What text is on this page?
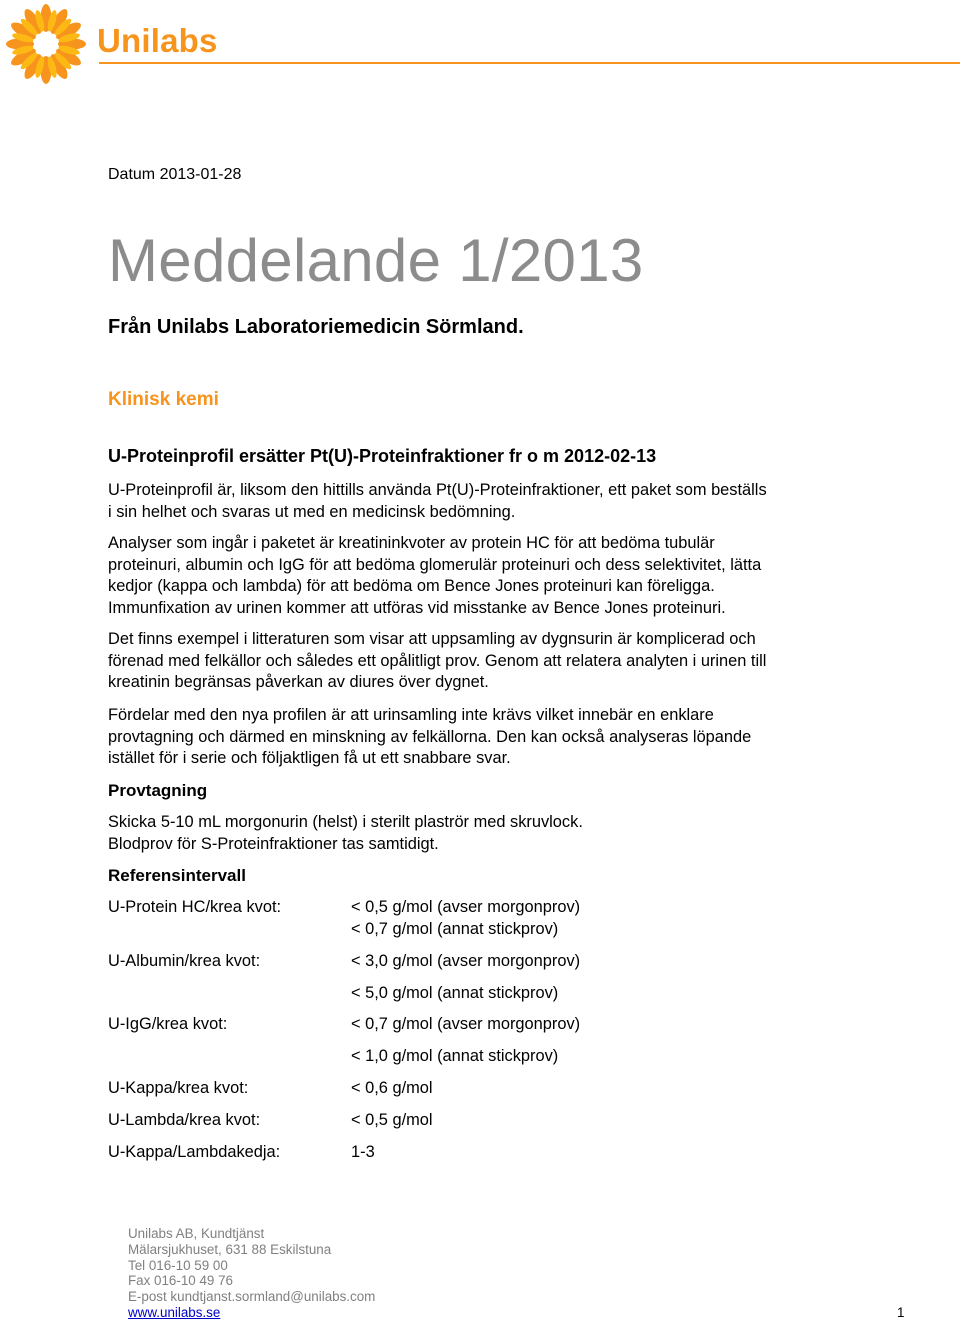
Unilabs
Datum 2013-01-28
Meddelande 1/2013
Från Unilabs Laboratoriemedicin Sörmland.
Klinisk kemi
U-Proteinprofil ersätter Pt(U)-Proteinfraktioner fr o m 2012-02-13

U-Proteinprofil är, liksom den hittills använda Pt(U)-Proteinfraktioner, ett paket som beställs

i sin helhet och svaras ut med en medicinsk bedömning.

Analyser som ingår i paketet är kreatininkvoter av protein HC för att bedöma tubulär

proteinuri, albumin och IgG för att bedöma glomerulär proteinuri och dess selektivitet, lätta

kedjor (kappa och lambda) för att bedöma om Bence Jones proteinuri kan föreligga.

Immunfixation av urinen kommer att utföras vid misstanke av Bence Jones proteinuri.

Det finns exempel i litteraturen som visar att uppsamling av dygnsurin är komplicerad och

förenad med felkällor och således ett opålitligt prov. Genom att relatera analyten i urinen till

kreatinin begränsas påverkan av diures över dygnet.

Fördelar med den nya profilen är att urinsamling inte krävs vilket innebär en enklare

provtagning och därmed en minskning av felkällorna. Den kan också analyseras löpande

istället för i serie och följaktligen få ut ett snabbare svar.

Provtagning

Skicka 5-10 mL morgonurin (helst) i sterilt plaströr med skruvlock.

Blodprov för S-Proteinfraktioner tas samtidigt.

Referensintervall
U-Protein HC/krea kvot:	< 0,5 g/mol (avser morgonprov)
< 0,7 g/mol (annat stickprov)
U-Albumin/krea kvot:	< 3,0 g/mol (avser morgonprov)
< 5,0 g/mol (annat stickprov)
U-IgG/krea kvot:	< 0,7 g/mol (avser morgonprov)
< 1,0 g/mol (annat stickprov)
U-Kappa/krea kvot:	< 0,6 g/mol
U-Lambda/krea kvot:	< 0,5 g/mol
U-Kappa/Lambdakedja:	1-3

Unilabs AB, Kundtjänst

Mälarsjukhuset, 631 88 Eskilstuna

Tel 016-10 59 00

Fax 016-10 49 76

E-post kundtjanst.sormland@unilabs.com

www.unilabs.se	1
